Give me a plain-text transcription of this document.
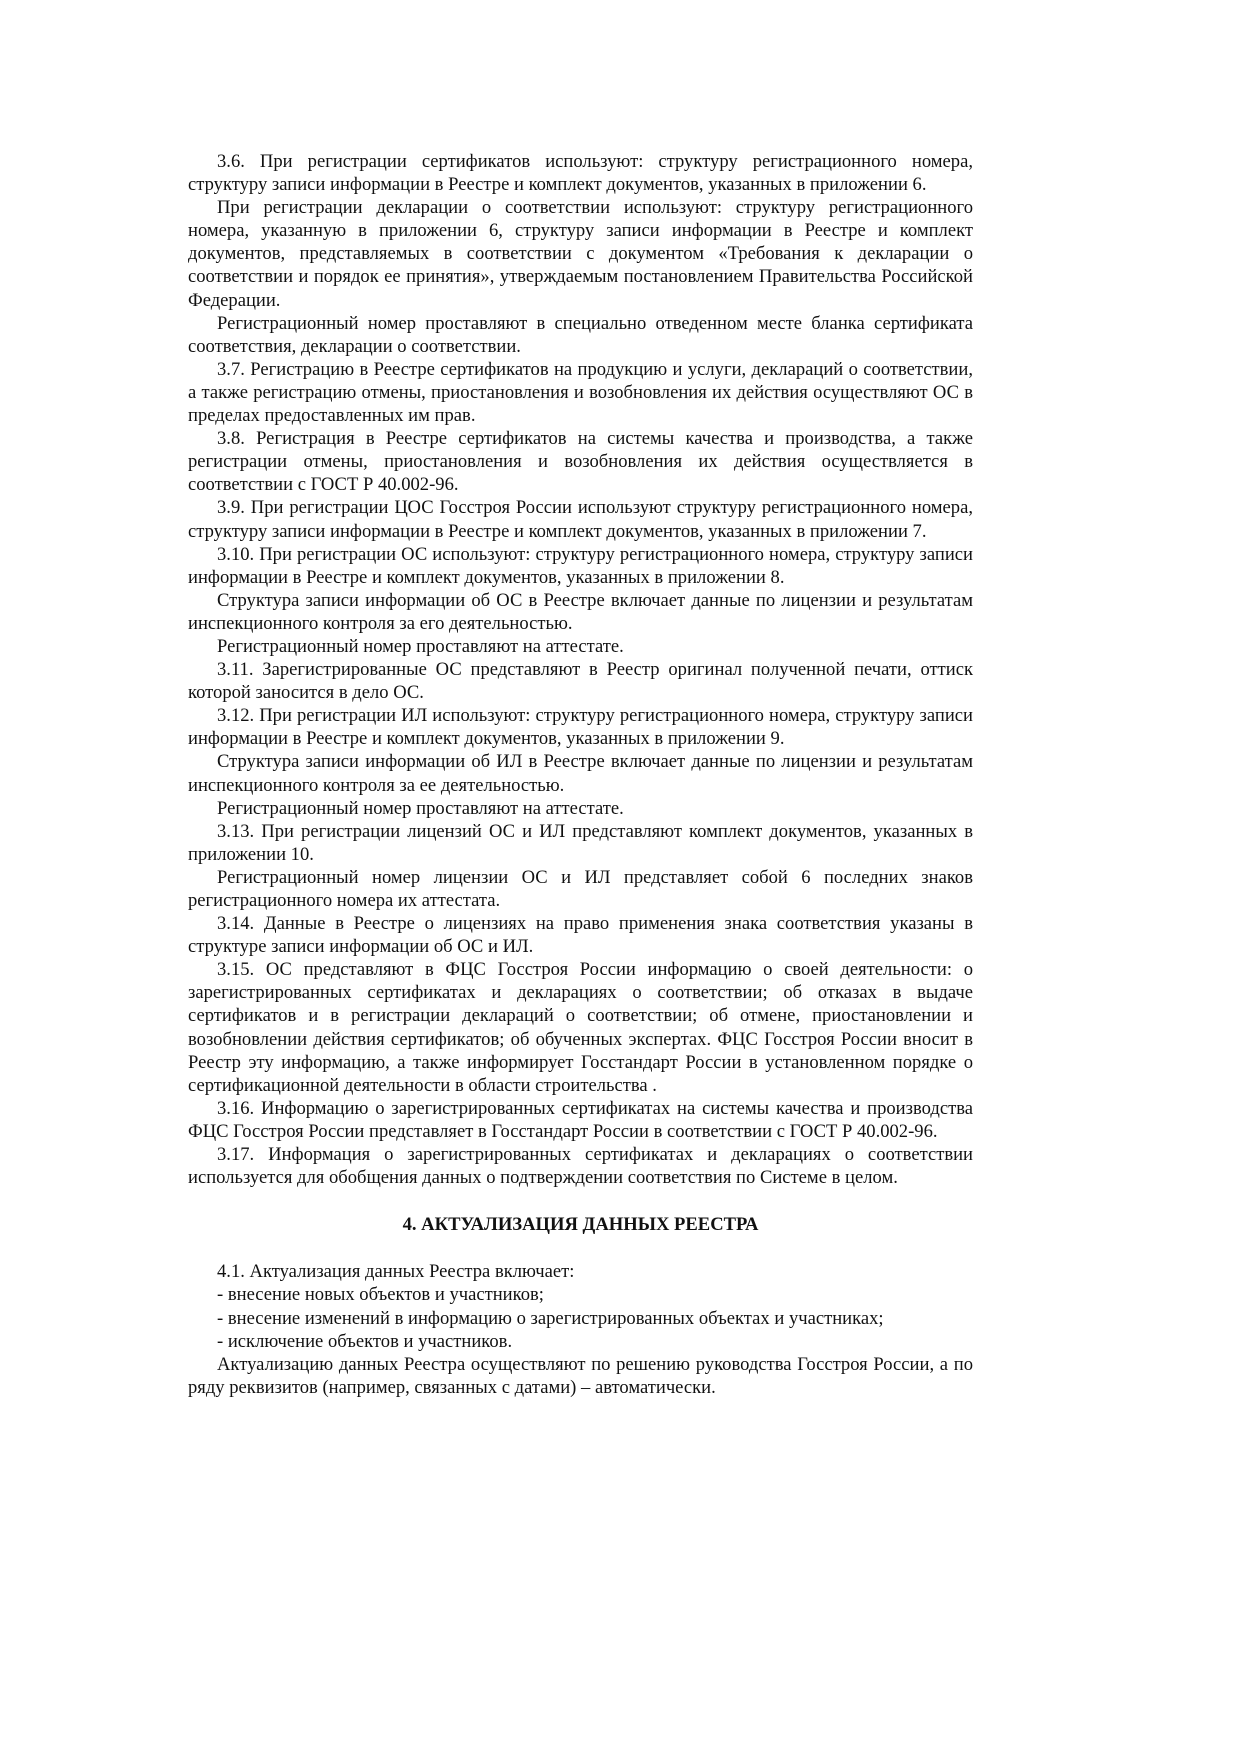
3.6. При регистрации сертификатов используют: структуру регистрационного номера, структуру записи информации в Реестре и комплект документов, указанных в приложении 6.

При регистрации декларации о соответствии используют: структуру регистрационного номера, указанную в приложении 6, структуру записи информации в Реестре и комплект документов, представляемых в соответствии с документом «Требования к декларации о соответствии и порядок ее принятия», утверждаемым постановлением Правительства Российской Федерации.

Регистрационный номер проставляют в специально отведенном месте бланка сертификата соответствия, декларации о соответствии.

3.7. Регистрацию в Реестре сертификатов на продукцию и услуги, деклараций о соответствии, а также регистрацию отмены, приостановления и возобновления их действия осуществляют ОС в пределах предоставленных им прав.

3.8. Регистрация в Реестре сертификатов на системы качества и производства, а также регистрации отмены, приостановления и возобновления их действия осуществляется в соответствии с ГОСТ Р 40.002-96.

3.9. При регистрации ЦОС Госстроя России используют структуру регистрационного номера, структуру записи информации в Реестре и комплект документов, указанных в приложении 7.

3.10. При регистрации ОС используют: структуру регистрационного номера, структуру записи информации в Реестре и комплект документов, указанных в приложении 8.

Структура записи информации об ОС в Реестре включает данные по лицензии и результатам инспекционного контроля за его деятельностью.

Регистрационный номер проставляют на аттестате.

3.11. Зарегистрированные ОС представляют в Реестр оригинал полученной печати, оттиск которой заносится в дело ОС.

3.12. При регистрации ИЛ используют: структуру регистрационного номера, структуру записи информации в Реестре и комплект документов, указанных в приложении 9.

Структура записи информации об ИЛ в Реестре включает данные по лицензии и результатам инспекционного контроля за ее деятельностью.

Регистрационный номер проставляют на аттестате.

3.13. При регистрации лицензий ОС и ИЛ представляют комплект документов, указанных в приложении 10.

Регистрационный номер лицензии ОС и ИЛ представляет собой 6 последних знаков регистрационного номера их аттестата.

3.14. Данные в Реестре о лицензиях на право применения знака соответствия указаны в структуре записи информации об ОС и ИЛ.

3.15. ОС представляют в ФЦС Госстроя России информацию о своей деятельности: о зарегистрированных сертификатах и декларациях о соответствии; об отказах в выдаче сертификатов и в регистрации деклараций о соответствии; об отмене, приостановлении и возобновлении действия сертификатов; об обученных экспертах. ФЦС Госстроя России вносит в Реестр эту информацию, а также информирует Госстандарт России в установленном порядке о сертификационной деятельности в области строительства .

3.16. Информацию о зарегистрированных сертификатах на системы качества и производства ФЦС Госстроя России представляет в Госстандарт России в соответствии с ГОСТ Р 40.002-96.

3.17. Информация о зарегистрированных сертификатах и декларациях о соответствии используется для обобщения данных о подтверждении соответствия по Системе в целом.

4. АКТУАЛИЗАЦИЯ ДАННЫХ РЕЕСТРА

4.1. Актуализация данных Реестра включает:

- внесение новых объектов и участников;

- внесение изменений в информацию о зарегистрированных объектах и участниках;

- исключение объектов и участников.

Актуализацию данных Реестра осуществляют по решению руководства Госстроя России, а по ряду реквизитов (например, связанных с датами) – автоматически.
